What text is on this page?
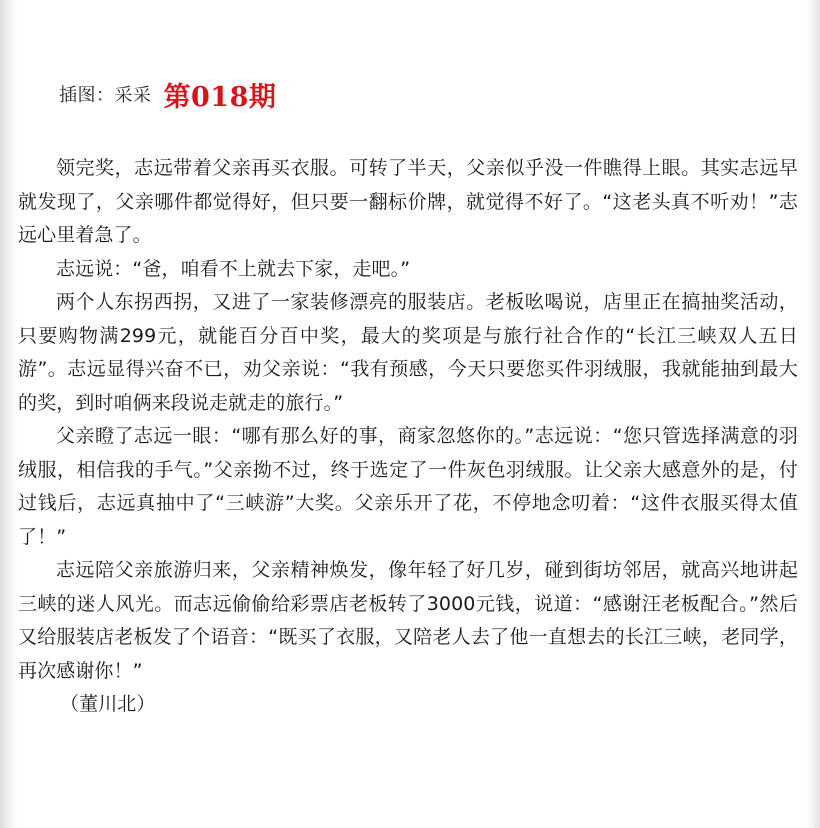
插图：采采 第018期

领完奖，志远带着父亲再买衣服。可转了半天，父亲似乎没一件瞧得上眼。其实志远早就发现了，父亲哪件都觉得好，但只要一翻标价牌，就觉得不好了。“这老头真不听劝！”志远心里着急了。

志远说：“爸，咱看不上就去下家，走吧。”

两个人东拐西拐，又进了一家装修漂亮的服装店。老板吆喝说，店里正在搞抽奖活动，只要购物满299元，就能百分百中奖，最大的奖项是与旅行社合作的“长江三峡双人五日游”。志远显得兴奋不已，劝父亲说：“我有预感，今天只要您买件羽绒服，我就能抽到最大的奖，到时咱俩来段说走就走的旅行。”

父亲瞪了志远一眼：“哪有那么好的事，商家忽悠你的。”志远说：“您只管选择满意的羽绒服，相信我的手气。”父亲拗不过，终于选定了一件灰色羽绒服。让父亲大感意外的是，付过钱后，志远真抽中了“三峡游”大奖。父亲乐开了花，不停地念叨着：“这件衣服买得太值了！”

志远陪父亲旅游归来，父亲精神焕发，像年轻了好几岁，碰到街坊邻居，就高兴地讲起三峡的迷人风光。而志远偷偷给彩票店老板转了3000元钱，说道：“感谢汪老板配合。”然后又给服装店老板发了个语音：“既买了衣服，又陪老人去了他一直想去的长江三峡，老同学，再次感谢你！”

（董川北）
